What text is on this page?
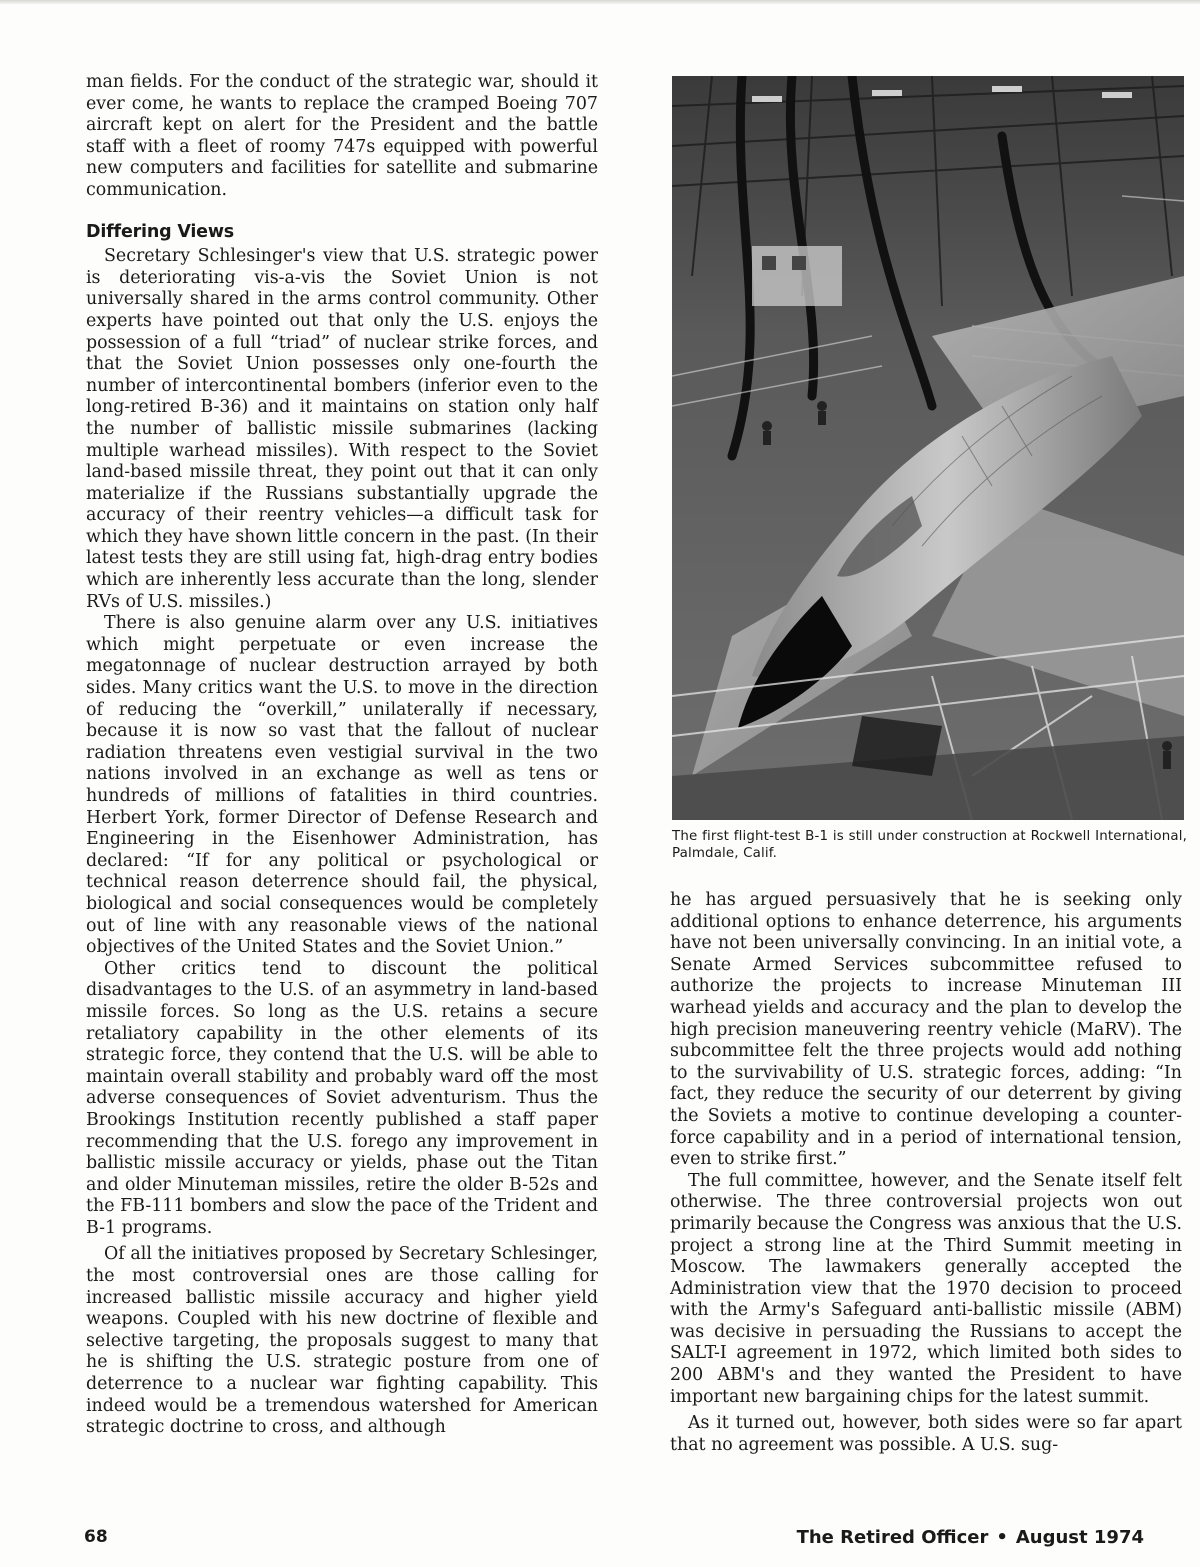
man fields. For the conduct of the strategic war, should it ever come, he wants to replace the cramped Boeing 707 aircraft kept on alert for the President and the battle staff with a fleet of roomy 747s equipped with powerful new computers and facilities for satellite and submarine communication.

Differing Views

Secretary Schlesinger's view that U.S. strategic power is deteriorating vis-a-vis the Soviet Union is not universally shared in the arms control community. Other experts have pointed out that only the U.S. enjoys the possession of a full “triad” of nuclear strike forces, and that the Soviet Union possesses only one-fourth the number of intercontinental bombers (inferior even to the long-retired B-36) and it maintains on station only half the number of ballistic missile submarines (lacking multiple warhead missiles). With respect to the Soviet land-based missile threat, they point out that it can only materialize if the Russians substantially upgrade the accuracy of their reentry vehicles—a difficult task for which they have shown little concern in the past. (In their latest tests they are still using fat, high-drag entry bodies which are inherently less accurate than the long, slender RVs of U.S. missiles.)

There is also genuine alarm over any U.S. initiatives which might perpetuate or even increase the megatonnage of nuclear destruction arrayed by both sides. Many critics want the U.S. to move in the direction of reducing the “overkill,” unilaterally if necessary, because it is now so vast that the fallout of nuclear radiation threatens even vestigial survival in the two nations involved in an exchange as well as tens or hundreds of millions of fatalities in third countries. Herbert York, former Director of Defense Research and Engineering in the Eisenhower Administration, has declared: “If for any political or psychological or technical reason deterrence should fail, the physical, biological and social consequences would be completely out of line with any reasonable views of the national objectives of the United States and the Soviet Union.”

Other critics tend to discount the political disadvantages to the U.S. of an asymmetry in land-based missile forces. So long as the U.S. retains a secure retaliatory capability in the other elements of its strategic force, they contend that the U.S. will be able to maintain overall stability and probably ward off the most adverse consequences of Soviet adventurism. Thus the Brookings Institution recently published a staff paper recommending that the U.S. forego any improvement in ballistic missile accuracy or yields, phase out the Titan and older Minuteman missiles, retire the older B-52s and the FB-111 bombers and slow the pace of the Trident and B-1 programs.

Of all the initiatives proposed by Secretary Schlesinger, the most controversial ones are those calling for increased ballistic missile accuracy and higher yield weapons. Coupled with his new doctrine of flexible and selective targeting, the proposals suggest to many that he is shifting the U.S. strategic posture from one of deterrence to a nuclear war fighting capability. This indeed would be a tremendous watershed for American strategic doctrine to cross, and although

The first flight-test B-1 is still under construction at Rockwell International, Palmdale, Calif.

he has argued persuasively that he is seeking only additional options to enhance deterrence, his arguments have not been universally convincing. In an initial vote, a Senate Armed Services subcommittee refused to authorize the projects to increase Minuteman III warhead yields and accuracy and the plan to develop the high precision maneuvering reentry vehicle (MaRV). The subcommittee felt the three projects would add nothing to the survivability of U.S. strategic forces, adding: “In fact, they reduce the security of our deterrent by giving the Soviets a motive to continue developing a counter-force capability and in a period of international tension, even to strike first.”

The full committee, however, and the Senate itself felt otherwise. The three controversial projects won out primarily because the Congress was anxious that the U.S. project a strong line at the Third Summit meeting in Moscow. The lawmakers generally accepted the Administration view that the 1970 decision to proceed with the Army's Safeguard anti-ballistic missile (ABM) was decisive in persuading the Russians to accept the SALT-I agreement in 1972, which limited both sides to 200 ABM's and they wanted the President to have important new bargaining chips for the latest summit.

As it turned out, however, both sides were so far apart that no agreement was possible. A U.S. sug-

68	The Retired Officer • August 1974
